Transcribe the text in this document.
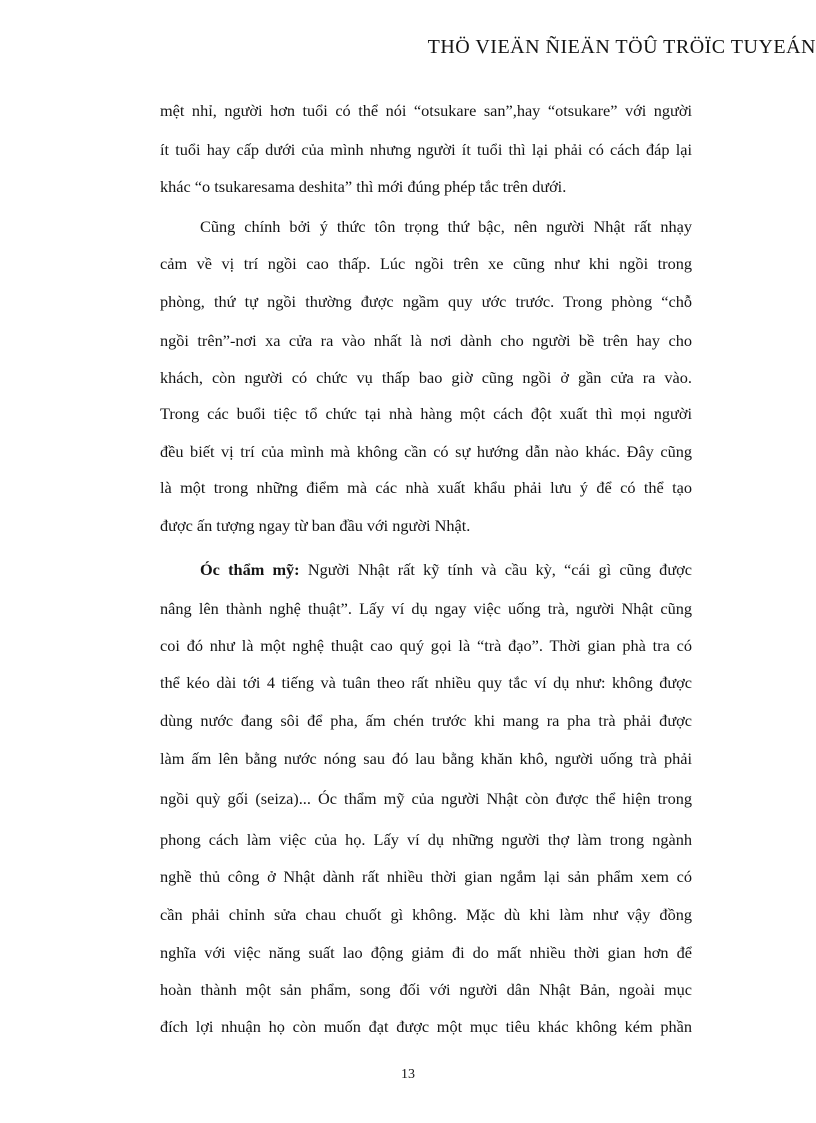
THÖ VIEÄN ÑIEÄN TÖÛ TRÖÏC TUYEÁN
mệt nhỉ, người hơn tuổi có thể nói “otsukare san”,hay “otsukare” với người
ít tuổi hay cấp dưới của mình nhưng người ít tuổi thì lại phải có cách đáp lại
khác “o tsukaresama deshita” thì mới đúng phép tắc trên dưới.
Cũng chính bởi ý thức tôn trọng thứ bậc, nên người Nhật rất nhạy
cảm về vị trí ngồi cao thấp. Lúc ngồi trên xe cũng như khi ngồi trong
phòng, thứ tự ngồi thường được ngầm quy ước trước. Trong phòng “chỗ
ngồi trên”-nơi xa cửa ra vào nhất là nơi dành cho người bề trên hay cho
khách, còn người có chức vụ thấp bao giờ cũng ngồi ở gần cửa ra vào.
Trong các buổi tiệc tổ chức tại nhà hàng một cách đột xuất thì mọi người
đều biết vị trí của mình mà không cần có sự hướng dẫn nào khác. Đây cũng
là một trong những điểm mà các nhà xuất khẩu phải lưu ý để có thể tạo
được ấn tượng ngay từ ban đầu với người Nhật.
Óc thẩm mỹ: Người Nhật rất kỹ tính và cầu kỳ, “cái gì cũng được
nâng lên thành nghệ thuật”. Lấy ví dụ ngay việc uống trà, người Nhật cũng
coi đó như là một nghệ thuật cao quý gọi là “trà đạo”. Thời gian phà tra có
thể kéo dài tới 4 tiếng và tuân theo rất nhiều quy tắc ví dụ như: không được
dùng nước đang sôi để pha, ấm chén trước khi mang ra pha trà phải được
làm ấm lên bằng nước nóng sau đó lau bằng khăn khô, người uống trà phải
ngồi quỳ gối (seiza)... Óc thẩm mỹ của người Nhật còn được thể hiện trong
phong cách làm việc của họ. Lấy ví dụ những người thợ làm trong ngành
nghề thủ công ở Nhật dành rất nhiều thời gian ngắm lại sản phẩm xem có
cần phải chỉnh sửa chau chuốt gì không. Mặc dù khi làm như vậy đồng
nghĩa với việc năng suất lao động giảm đi do mất nhiều thời gian hơn để
hoàn thành một sản phẩm, song đối với người dân Nhật Bản, ngoài mục
đích lợi nhuận họ còn muốn đạt được một mục tiêu khác không kém phần
13
